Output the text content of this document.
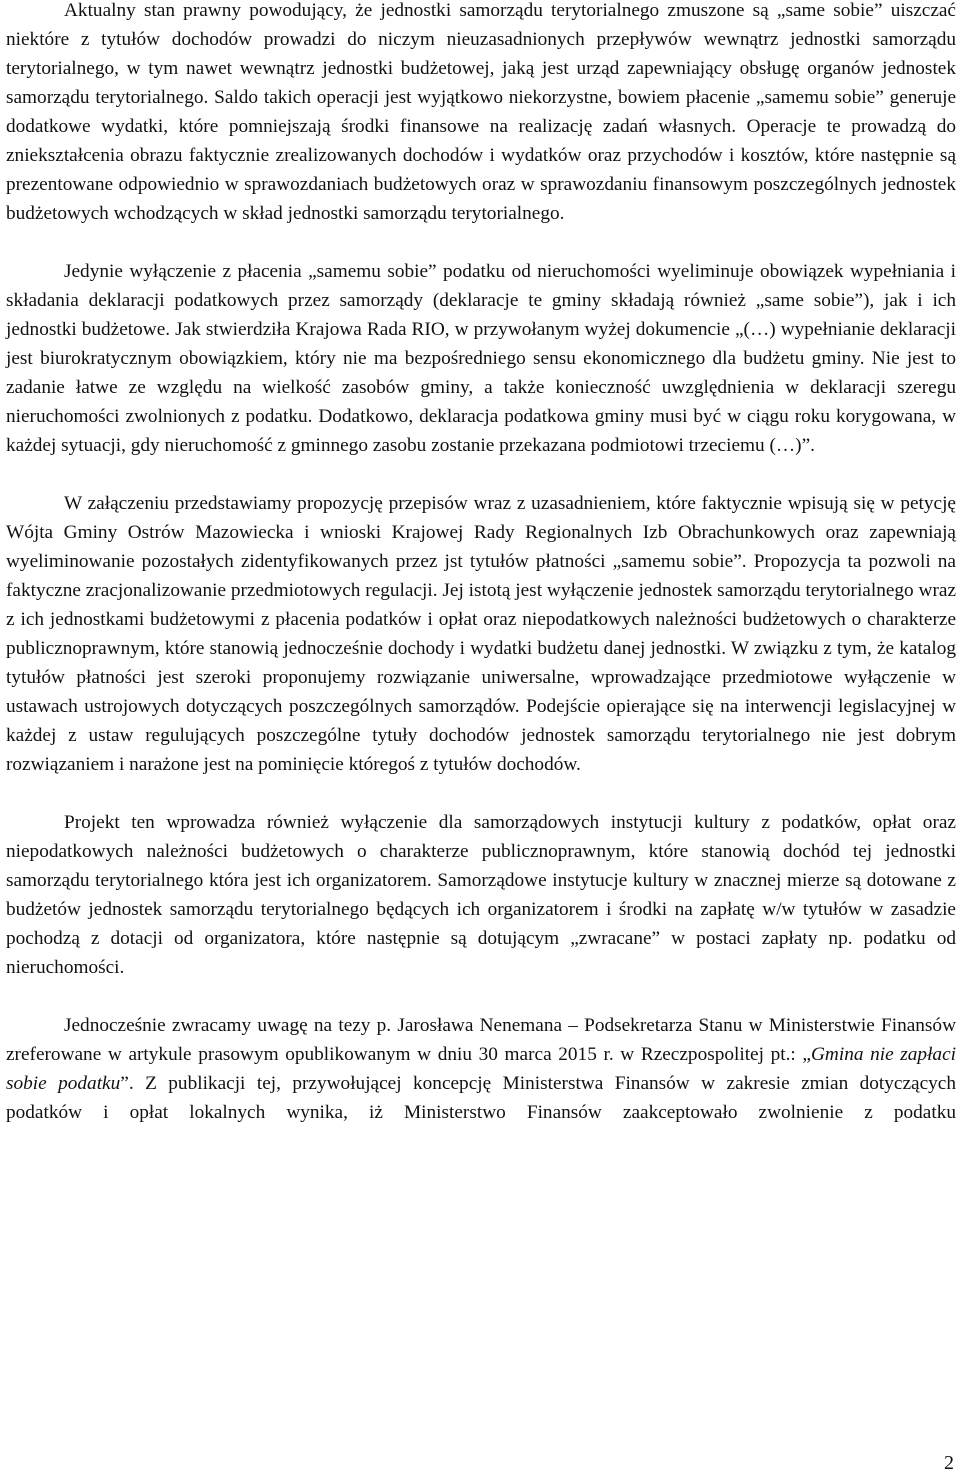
Aktualny stan prawny powodujący, że jednostki samorządu terytorialnego zmuszone są „same sobie” uiszczać niektóre z tytułów dochodów prowadzi do niczym nieuzasadnionych przepływów wewnątrz jednostki samorządu terytorialnego, w tym nawet wewnątrz jednostki budżetowej, jaką jest urząd zapewniający obsługę organów jednostek samorządu terytorialnego. Saldo takich operacji jest wyjątkowo niekorzystne, bowiem płacenie „samemu sobie” generuje dodatkowe wydatki, które pomniejszają środki finansowe na realizację zadań własnych. Operacje te prowadzą do zniekształcenia obrazu faktycznie zrealizowanych dochodów i wydatków oraz przychodów i kosztów, które następnie są prezentowane odpowiednio w sprawozdaniach budżetowych oraz w sprawozdaniu finansowym poszczególnych jednostek budżetowych wchodzących w skład jednostki samorządu terytorialnego.

Jedynie wyłączenie z płacenia „samemu sobie” podatku od nieruchomości wyeliminuje obowiązek wypełniania i składania deklaracji podatkowych przez samorządy (deklaracje te gminy składają również „same sobie”), jak i ich jednostki budżetowe. Jak stwierdziła Krajowa Rada RIO, w przywołanym wyżej dokumencie „(…) wypełnianie deklaracji jest biurokratycznym obowiązkiem, który nie ma bezpośredniego sensu ekonomicznego dla budżetu gminy. Nie jest to zadanie łatwe ze względu na wielkość zasobów gminy, a także konieczność uwzględnienia w deklaracji szeregu nieruchomości zwolnionych z podatku. Dodatkowo, deklaracja podatkowa gminy musi być w ciągu roku korygowana, w każdej sytuacji, gdy nieruchomość z gminnego zasobu zostanie przekazana podmiotowi trzeciemu (…)”.

W załączeniu przedstawiamy propozycję przepisów wraz z uzasadnieniem, które faktycznie wpisują się w petycję Wójta Gminy Ostrów Mazowiecka i wnioski Krajowej Rady Regionalnych Izb Obrachunkowych oraz zapewniają wyeliminowanie pozostałych zidentyfikowanych przez jst tytułów płatności „samemu sobie”. Propozycja ta pozwoli na faktyczne zracjonalizowanie przedmiotowych regulacji. Jej istotą jest wyłączenie jednostek samorządu terytorialnego wraz z ich jednostkami budżetowymi z płacenia podatków i opłat oraz niepodatkowych należności budżetowych o charakterze publicznoprawnym, które stanowią jednocześnie dochody i wydatki budżetu danej jednostki. W związku z tym, że katalog tytułów płatności jest szeroki proponujemy rozwiązanie uniwersalne, wprowadzające przedmiotowe wyłączenie w ustawach ustrojowych dotyczących poszczególnych samorządów. Podejście opierające się na interwencji legislacyjnej w każdej z ustaw regulujących poszczególne tytuły dochodów jednostek samorządu terytorialnego nie jest dobrym rozwiązaniem i narażone jest na pominięcie któregoś z tytułów dochodów.

Projekt ten wprowadza również wyłączenie dla samorządowych instytucji kultury z podatków, opłat oraz niepodatkowych należności budżetowych o charakterze publicznoprawnym, które stanowią dochód tej jednostki samorządu terytorialnego która jest ich organizatorem. Samorządowe instytucje kultury w znacznej mierze są dotowane z budżetów jednostek samorządu terytorialnego będących ich organizatorem i środki na zapłatę w/w tytułów w zasadzie pochodzą z dotacji od organizatora, które następnie są dotującym „zwracane” w postaci zapłaty np. podatku od nieruchomości.

Jednocześnie zwracamy uwagę na tezy p. Jarosława Nenemana – Podsekretarza Stanu w Ministerstwie Finansów zreferowane w artykule prasowym opublikowanym w dniu 30 marca 2015 r. w Rzeczpospolitej pt.: „Gmina nie zapłaci sobie podatku”. Z publikacji tej, przywołującej koncepcję Ministerstwa Finansów w zakresie zmian dotyczących podatków i opłat lokalnych wynika, iż Ministerstwo Finansów zaakceptowało zwolnienie z podatku

2
